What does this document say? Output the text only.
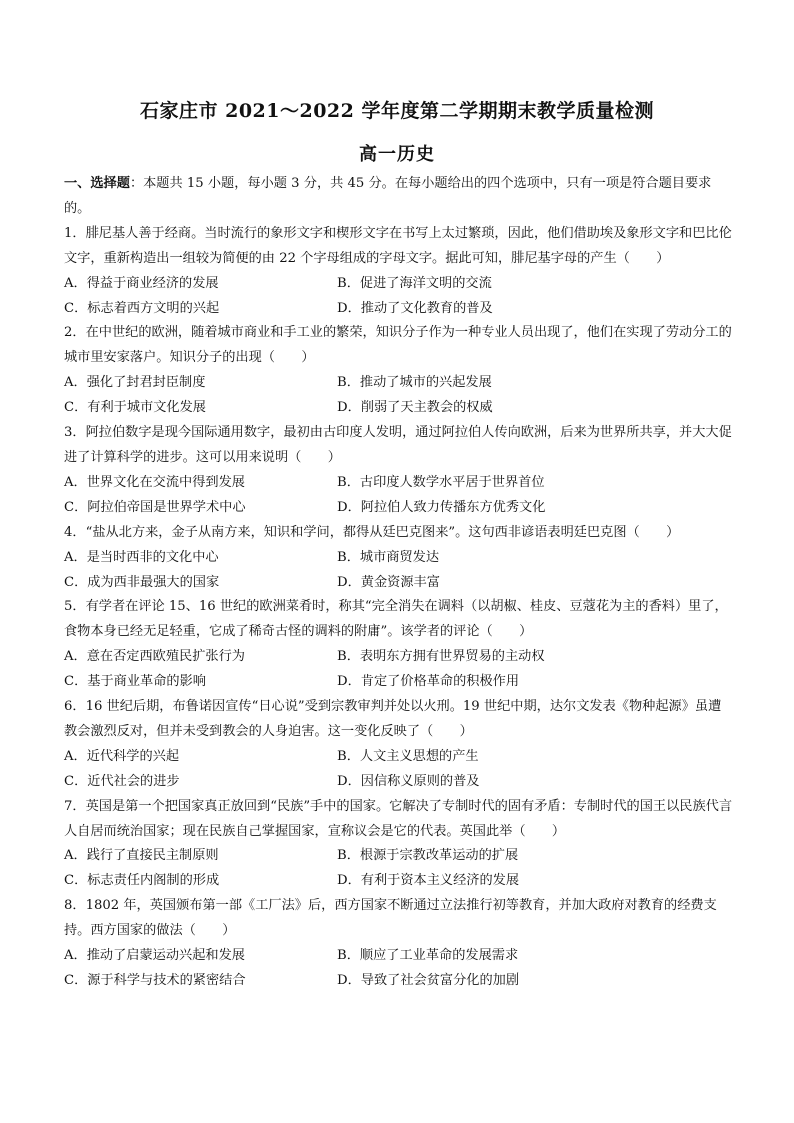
石家庄市 2021～2022 学年度第二学期期末教学质量检测
高一历史
一、选择题：本题共 15 小题，每小题 3 分，共 45 分。在每小题给出的四个选项中，只有一项是符合题目要求的。
1．腓尼基人善于经商。当时流行的象形文字和楔形文字在书写上太过繁琐，因此，他们借助埃及象形文字和巴比伦文字，重新构造出一组较为简便的由 22 个字母组成的字母文字。据此可知，腓尼基字母的产生（　　）
A．得益于商业经济的发展	B．促进了海洋文明的交流
C．标志着西方文明的兴起	D．推动了文化教育的普及
2．在中世纪的欧洲，随着城市商业和手工业的繁荣，知识分子作为一种专业人员出现了，他们在实现了劳动分工的城市里安家落户。知识分子的出现（　　）
A．强化了封君封臣制度	B．推动了城市的兴起发展
C．有利于城市文化发展	D．削弱了天主教会的权威
3．阿拉伯数字是现今国际通用数字，最初由古印度人发明，通过阿拉伯人传向欧洲，后来为世界所共享，并大大促进了计算科学的进步。这可以用来说明（　　）
A．世界文化在交流中得到发展	B．古印度人数学水平居于世界首位
C．阿拉伯帝国是世界学术中心	D．阿拉伯人致力传播东方优秀文化
4．“盐从北方来，金子从南方来，知识和学问，都得从廷巴克图来”。这句西非谚语表明廷巴克图（　　）
A．是当时西非的文化中心	B．城市商贸发达
C．成为西非最强大的国家	D．黄金资源丰富
5．有学者在评论 15、16 世纪的欧洲菜肴时，称其“完全消失在调料（以胡椒、桂皮、豆蔻花为主的香料）里了，食物本身已经无足轻重，它成了稀奇古怪的调料的附庸”。该学者的评论（　　）
A．意在否定西欧殖民扩张行为	B．表明东方拥有世界贸易的主动权
C．基于商业革命的影响	D．肯定了价格革命的积极作用
6．16 世纪后期，布鲁诺因宣传“日心说”受到宗教审判并处以火刑。19 世纪中期，达尔文发表《物种起源》虽遭教会激烈反对，但并未受到教会的人身迫害。这一变化反映了（　　）
A．近代科学的兴起	B．人文主义思想的产生
C．近代社会的进步	D．因信称义原则的普及
7．英国是第一个把国家真正放回到“民族”手中的国家。它解决了专制时代的固有矛盾：专制时代的国王以民族代言人自居而统治国家；现在民族自己掌握国家，宣称议会是它的代表。英国此举（　　）
A．践行了直接民主制原则	B．根源于宗教改革运动的扩展
C．标志责任内阁制的形成	D．有利于资本主义经济的发展
8．1802 年，英国颁布第一部《工厂法》后，西方国家不断通过立法推行初等教育，并加大政府对教育的经费支持。西方国家的做法（　　）
A．推动了启蒙运动兴起和发展	B．顺应了工业革命的发展需求
C．源于科学与技术的紧密结合	D．导致了社会贫富分化的加剧
